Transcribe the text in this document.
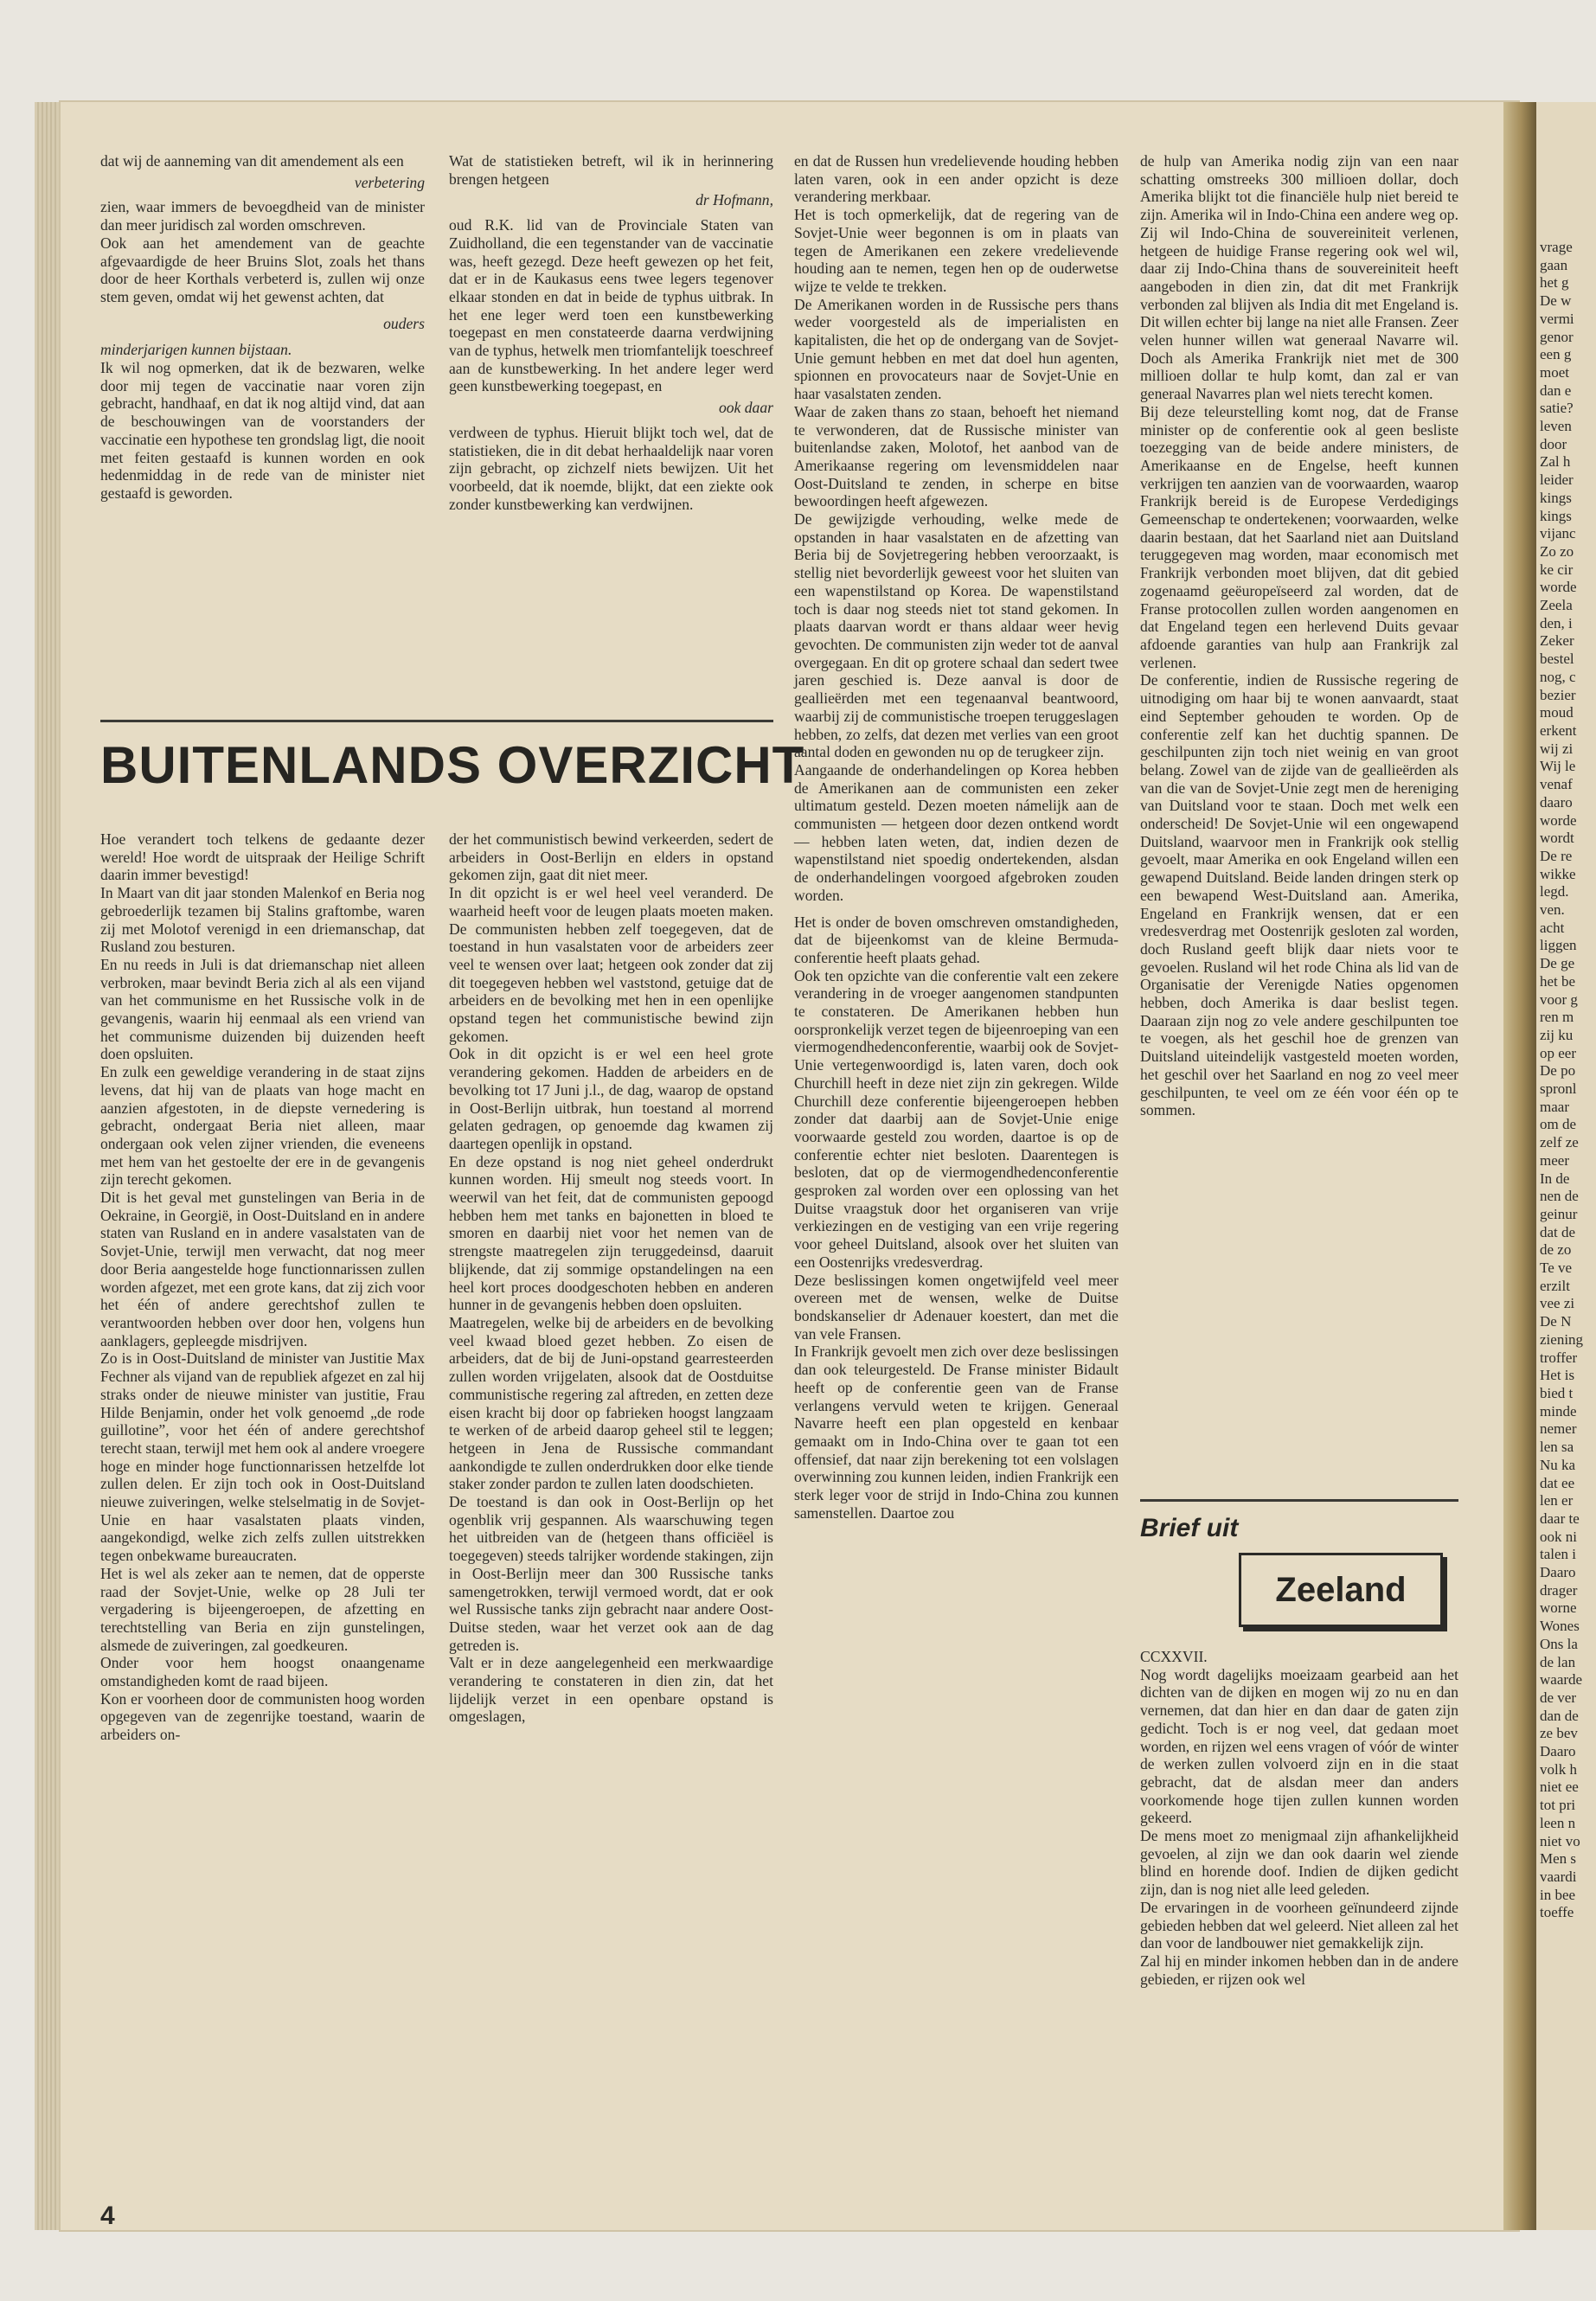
vrage
gaan
het g
De w
vermi
genor
een g
moet
dan e
satie?
leven
door
Zal h
leider
kings
kings
vijanc
Zo zo
ke cir
worde
Zeela
den, i
Zeker
bestel
nog, c
bezier
moud
erkent
wij zi
Wij le
venaf
daaro
worde
wordt
De re
wikke
legd.
ven.
acht
liggen
De ge
het be
voor g
ren m
zij ku
op eer
De po
spronl
maar
om de
zelf ze
meer
In de
nen de
geinur
dat de
de zo
Te ve
erzilt
vee zi
De N
ziening
troffer
Het is
bied t
minde
nemer
len sa
Nu ka
dat ee
len er
daar te
ook ni
talen i
Daaro
drager
worne
Wones
Ons la
de lan
waarde
de ver
dan de
ze bev
Daaro
volk h
niet ee
tot pri
leen n
niet vo
Men s
vaardi
in bee
toeffe

dat wij de aanneming van dit amendement als een

verbetering

zien, waar immers de bevoegdheid van de minister dan meer juridisch zal worden omschreven.

Ook aan het amendement van de geachte afgevaardigde de heer Bruins Slot, zoals het thans door de heer Korthals verbeterd is, zullen wij onze stem geven, omdat wij het gewenst achten, dat

ouders

minderjarigen kunnen bijstaan.

Ik wil nog opmerken, dat ik de bezwaren, welke door mij tegen de vaccinatie naar voren zijn gebracht, handhaaf, en dat ik nog altijd vind, dat aan de beschouwingen van de voorstanders der vaccinatie een hypothese ten grondslag ligt, die nooit met feiten gestaafd is kunnen worden en ook hedenmiddag in de rede van de minister niet gestaafd is geworden.

Wat de statistieken betreft, wil ik in herinnering brengen hetgeen

dr Hofmann,

oud R.K. lid van de Provinciale Staten van Zuidholland, die een tegenstander van de vaccinatie was, heeft gezegd. Deze heeft gewezen op het feit, dat er in de Kaukasus eens twee legers tegenover elkaar stonden en dat in beide de typhus uitbrak. In het ene leger werd toen een kunstbewerking toegepast en men constateerde daarna verdwijning van de typhus, hetwelk men triomfantelijk toeschreef aan de kunstbewerking. In het andere leger werd geen kunstbewerking toegepast, en

ook daar

verdween de typhus. Hieruit blijkt toch wel, dat de statistieken, die in dit debat herhaaldelijk naar voren zijn gebracht, op zichzelf niets bewijzen. Uit het voorbeeld, dat ik noemde, blijkt, dat een ziekte ook zonder kunstbewerking kan verdwijnen.

BUITENLANDS OVERZICHT

Hoe verandert toch telkens de gedaante dezer wereld! Hoe wordt de uitspraak der Heilige Schrift daarin immer bevestigd!

In Maart van dit jaar stonden Malenkof en Beria nog gebroederlijk tezamen bij Stalins graftombe, waren zij met Molotof verenigd in een driemanschap, dat Rusland zou besturen.

En nu reeds in Juli is dat driemanschap niet alleen verbroken, maar bevindt Beria zich al als een vijand van het communisme en het Russische volk in de gevangenis, waarin hij eenmaal als een vriend van het communisme duizenden bij duizenden heeft doen opsluiten.

En zulk een geweldige verandering in de staat zijns levens, dat hij van de plaats van hoge macht en aanzien afgestoten, in de diepste vernedering is gebracht, ondergaat Beria niet alleen, maar ondergaan ook velen zijner vrienden, die eveneens met hem van het gestoelte der ere in de gevangenis zijn terecht gekomen.

Dit is het geval met gunstelingen van Beria in de Oekraine, in Georgië, in Oost-Duitsland en in andere staten van Rusland en in andere vasalstaten van de Sovjet-Unie, terwijl men verwacht, dat nog meer door Beria aangestelde hoge functionnarissen zullen worden afgezet, met een grote kans, dat zij zich voor het één of andere gerechtshof zullen te verantwoorden hebben over door hen, volgens hun aanklagers, gepleegde misdrijven.

Zo is in Oost-Duitsland de minister van Justitie Max Fechner als vijand van de republiek afgezet en zal hij straks onder de nieuwe minister van justitie, Frau Hilde Benjamin, onder het volk genoemd „de rode guillotine”, voor het één of andere gerechtshof terecht staan, terwijl met hem ook al andere vroegere hoge en minder hoge functionnarissen hetzelfde lot zullen delen. Er zijn toch ook in Oost-Duitsland nieuwe zuiveringen, welke stelselmatig in de Sovjet-Unie en haar vasalstaten plaats vinden, aangekondigd, welke zich zelfs zullen uitstrekken tegen onbekwame bureaucraten.

Het is wel als zeker aan te nemen, dat de opperste raad der Sovjet-Unie, welke op 28 Juli ter vergadering is bijeengeroepen, de afzetting en terechtstelling van Beria en zijn gunstelingen, alsmede de zuiveringen, zal goedkeuren.

Onder voor hem hoogst onaangename omstandigheden komt de raad bijeen.

Kon er voorheen door de communisten hoog worden opgegeven van de zegenrijke toestand, waarin de arbeiders on-

der het communistisch bewind verkeerden, sedert de arbeiders in Oost-Berlijn en elders in opstand gekomen zijn, gaat dit niet meer.

In dit opzicht is er wel heel veel veranderd. De waarheid heeft voor de leugen plaats moeten maken. De communisten hebben zelf toegegeven, dat de toestand in hun vasalstaten voor de arbeiders zeer veel te wensen over laat; hetgeen ook zonder dat zij dit toegegeven hebben wel vaststond, getuige dat de arbeiders en de bevolking met hen in een openlijke opstand tegen het communistische bewind zijn gekomen.

Ook in dit opzicht is er wel een heel grote verandering gekomen. Hadden de arbeiders en de bevolking tot 17 Juni j.l., de dag, waarop de opstand in Oost-Berlijn uitbrak, hun toestand al morrend gelaten gedragen, op genoemde dag kwamen zij daartegen openlijk in opstand.

En deze opstand is nog niet geheel onderdrukt kunnen worden. Hij smeult nog steeds voort. In weerwil van het feit, dat de communisten gepoogd hebben hem met tanks en bajonetten in bloed te smoren en daarbij niet voor het nemen van de strengste maatregelen zijn teruggedeinsd, daaruit blijkende, dat zij sommige opstandelingen na een heel kort proces doodgeschoten hebben en anderen hunner in de gevangenis hebben doen opsluiten.

Maatregelen, welke bij de arbeiders en de bevolking veel kwaad bloed gezet hebben. Zo eisen de arbeiders, dat de bij de Juni-opstand gearresteerden zullen worden vrijgelaten, alsook dat de Oostduitse communistische regering zal aftreden, en zetten deze eisen kracht bij door op fabrieken hoogst langzaam te werken of de arbeid daarop geheel stil te leggen; hetgeen in Jena de Russische commandant aankondigde te zullen onderdrukken door elke tiende staker zonder pardon te zullen laten doodschieten.

De toestand is dan ook in Oost-Berlijn op het ogenblik vrij gespannen. Als waarschuwing tegen het uitbreiden van de (hetgeen thans officiëel is toegegeven) steeds talrijker wordende stakingen, zijn in Oost-Berlijn meer dan 300 Russische tanks samengetrokken, terwijl vermoed wordt, dat er ook wel Russische tanks zijn gebracht naar andere Oost-Duitse steden, waar het verzet ook aan de dag getreden is.

Valt er in deze aangelegenheid een merkwaardige verandering te constateren in dien zin, dat het lijdelijk verzet in een openbare opstand is omgeslagen,

en dat de Russen hun vredelievende houding hebben laten varen, ook in een ander opzicht is deze verandering merkbaar.

Het is toch opmerkelijk, dat de regering van de Sovjet-Unie weer begonnen is om in plaats van tegen de Amerikanen een zekere vredelievende houding aan te nemen, tegen hen op de ouderwetse wijze te velde te trekken.

De Amerikanen worden in de Russische pers thans weder voorgesteld als de imperialisten en kapitalisten, die het op de ondergang van de Sovjet-Unie gemunt hebben en met dat doel hun agenten, spionnen en provocateurs naar de Sovjet-Unie en haar vasalstaten zenden.

Waar de zaken thans zo staan, behoeft het niemand te verwonderen, dat de Russische minister van buitenlandse zaken, Molotof, het aanbod van de Amerikaanse regering om levensmiddelen naar Oost-Duitsland te zenden, in scherpe en bitse bewoordingen heeft afgewezen.

De gewijzigde verhouding, welke mede de opstanden in haar vasalstaten en de afzetting van Beria bij de Sovjetregering hebben veroorzaakt, is stellig niet bevorderlijk geweest voor het sluiten van een wapenstilstand op Korea. De wapenstilstand toch is daar nog steeds niet tot stand gekomen. In plaats daarvan wordt er thans aldaar weer hevig gevochten. De communisten zijn weder tot de aanval overgegaan. En dit op grotere schaal dan sedert twee jaren geschied is. Deze aanval is door de geallieërden met een tegenaanval beantwoord, waarbij zij de communistische troepen teruggeslagen hebben, zo zelfs, dat dezen met verlies van een groot aantal doden en gewonden nu op de terugkeer zijn.

Aangaande de onderhandelingen op Korea hebben de Amerikanen aan de communisten een zeker ultimatum gesteld. Dezen moeten námelijk aan de communisten — hetgeen door dezen ontkend wordt — hebben laten weten, dat, indien dezen de wapenstilstand niet spoedig ondertekenden, alsdan de onderhandelingen voorgoed afgebroken zouden worden.

Het is onder de boven omschreven omstandigheden, dat de bijeenkomst van de kleine Bermuda-conferentie heeft plaats gehad.

Ook ten opzichte van die conferentie valt een zekere verandering in de vroeger aangenomen standpunten te constateren. De Amerikanen hebben hun oorspronkelijk verzet tegen de bijeenroeping van een viermogendhedenconferentie, waarbij ook de Sovjet-Unie vertegenwoordigd is, laten varen, doch ook Churchill heeft in deze niet zijn zin gekregen. Wilde Churchill deze conferentie bijeengeroepen hebben zonder dat daarbij aan de Sovjet-Unie enige voorwaarde gesteld zou worden, daartoe is op de conferentie echter niet besloten. Daarentegen is besloten, dat op de viermogendhedenconferentie gesproken zal worden over een oplossing van het Duitse vraagstuk door het organiseren van vrije verkiezingen en de vestiging van een vrije regering voor geheel Duitsland, alsook over het sluiten van een Oostenrijks vredesverdrag.

Deze beslissingen komen ongetwijfeld veel meer overeen met de wensen, welke de Duitse bondskanselier dr Adenauer koestert, dan met die van vele Fransen.

In Frankrijk gevoelt men zich over deze beslissingen dan ook teleurgesteld. De Franse minister Bidault heeft op de conferentie geen van de Franse verlangens vervuld weten te krijgen. Generaal Navarre heeft een plan opgesteld en kenbaar gemaakt om in Indo-China over te gaan tot een offensief, dat naar zijn berekening tot een volslagen overwinning zou kunnen leiden, indien Frankrijk een sterk leger voor de strijd in Indo-China zou kunnen samenstellen. Daartoe zou

de hulp van Amerika nodig zijn van een naar schatting omstreeks 300 millioen dollar, doch Amerika blijkt tot die financiële hulp niet bereid te zijn. Amerika wil in Indo-China een andere weg op. Zij wil Indo-China de souvereiniteit verlenen, hetgeen de huidige Franse regering ook wel wil, daar zij Indo-China thans de souvereiniteit heeft aangeboden in dien zin, dat dit met Frankrijk verbonden zal blijven als India dit met Engeland is. Dit willen echter bij lange na niet alle Fransen. Zeer velen hunner willen wat generaal Navarre wil. Doch als Amerika Frankrijk niet met de 300 millioen dollar te hulp komt, dan zal er van generaal Navarres plan wel niets terecht komen.

Bij deze teleurstelling komt nog, dat de Franse minister op de conferentie ook al geen besliste toezegging van de beide andere ministers, de Amerikaanse en de Engelse, heeft kunnen verkrijgen ten aanzien van de voorwaarden, waarop Frankrijk bereid is de Europese Verdedigings Gemeenschap te ondertekenen; voorwaarden, welke daarin bestaan, dat het Saarland niet aan Duitsland teruggegeven mag worden, maar economisch met Frankrijk verbonden moet blijven, dat dit gebied zogenaamd geëuropeïseerd zal worden, dat de Franse protocollen zullen worden aangenomen en dat Engeland tegen een herlevend Duits gevaar afdoende garanties van hulp aan Frankrijk zal verlenen.

De conferentie, indien de Russische regering de uitnodiging om haar bij te wonen aanvaardt, staat eind September gehouden te worden. Op de conferentie zelf kan het duchtig spannen. De geschilpunten zijn toch niet weinig en van groot belang. Zowel van de zijde van de geallieërden als van die van de Sovjet-Unie zegt men de hereniging van Duitsland voor te staan. Doch met welk een onderscheid! De Sovjet-Unie wil een ongewapend Duitsland, waarvoor men in Frankrijk ook stellig gevoelt, maar Amerika en ook Engeland willen een gewapend Duitsland. Beide landen dringen sterk op een bewapend West-Duitsland aan. Amerika, Engeland en Frankrijk wensen, dat er een vredesverdrag met Oostenrijk gesloten zal worden, doch Rusland geeft blijk daar niets voor te gevoelen. Rusland wil het rode China als lid van de Organisatie der Verenigde Naties opgenomen hebben, doch Amerika is daar beslist tegen. Daaraan zijn nog zo vele andere geschilpunten toe te voegen, als het geschil hoe de grenzen van Duitsland uiteindelijk vastgesteld moeten worden, het geschil over het Saarland en nog zo veel meer geschilpunten, te veel om ze één voor één op te sommen.

Brief uit
Zeeland

CCXXVII.

Nog wordt dagelijks moeizaam gearbeid aan het dichten van de dijken en mogen wij zo nu en dan vernemen, dat dan hier en dan daar de gaten zijn gedicht. Toch is er nog veel, dat gedaan moet worden, en rijzen wel eens vragen of vóór de winter de werken zullen volvoerd zijn en in die staat gebracht, dat de alsdan meer dan anders voorkomende hoge tijen zullen kunnen worden gekeerd.

De mens moet zo menigmaal zijn afhankelijkheid gevoelen, al zijn we dan ook daarin wel ziende blind en horende doof. Indien de dijken gedicht zijn, dan is nog niet alle leed geleden.

De ervaringen in de voorheen geïnundeerd zijnde gebieden hebben dat wel geleerd. Niet alleen zal het dan voor de landbouwer niet gemakkelijk zijn.

Zal hij en minder inkomen hebben dan in de andere gebieden, er rijzen ook wel

4
